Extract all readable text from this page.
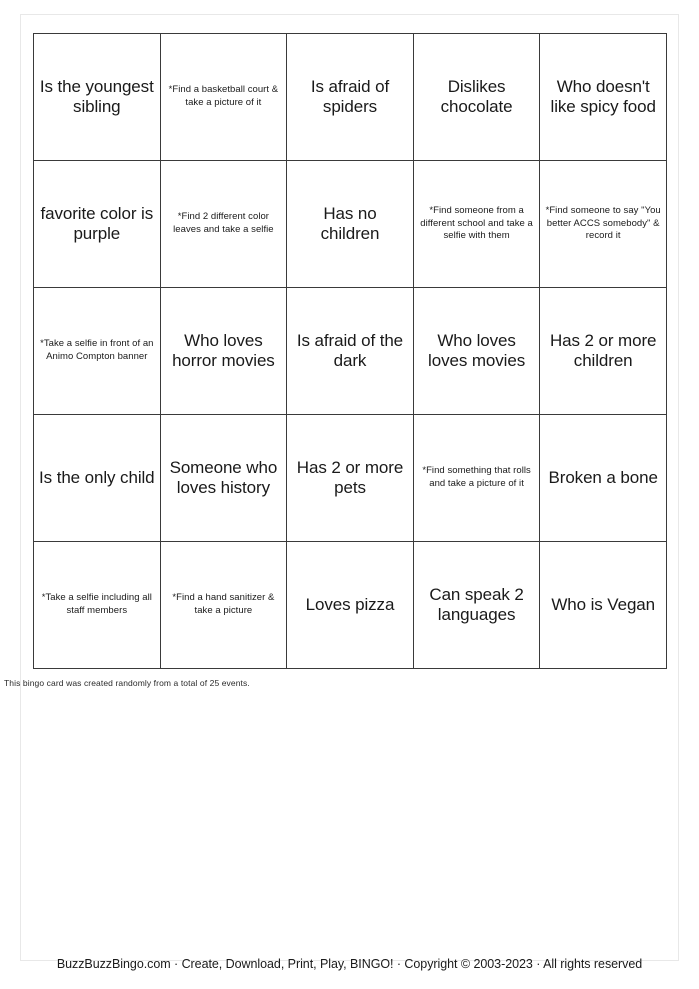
Is the youngest sibling	*Find a basketball court & take a picture of it	Is afraid of spiders	Dislikes chocolate	Who doesn't like spicy food

favorite color is purple	*Find 2 different color leaves and take a selfie	Has no children	*Find someone from a different school and take a selfie with them	*Find someone to say "You better ACCS somebody" & record it

*Take a selfie in front of an Animo Compton banner	Who loves horror movies	Is afraid of the dark	Who loves loves movies	Has 2 or more children

Is the only child	Someone who loves history	Has 2 or more pets	*Find something that rolls and take a picture of it	Broken a bone

*Take a selfie including all staff members	*Find a hand sanitizer & take a picture	Loves pizza	Can speak 2 languages	Who is Vegan
This bingo card was created randomly from a total of 25 events.
BuzzBuzzBingo.com · Create, Download, Print, Play, BINGO! · Copyright © 2003-2023 · All rights reserved
